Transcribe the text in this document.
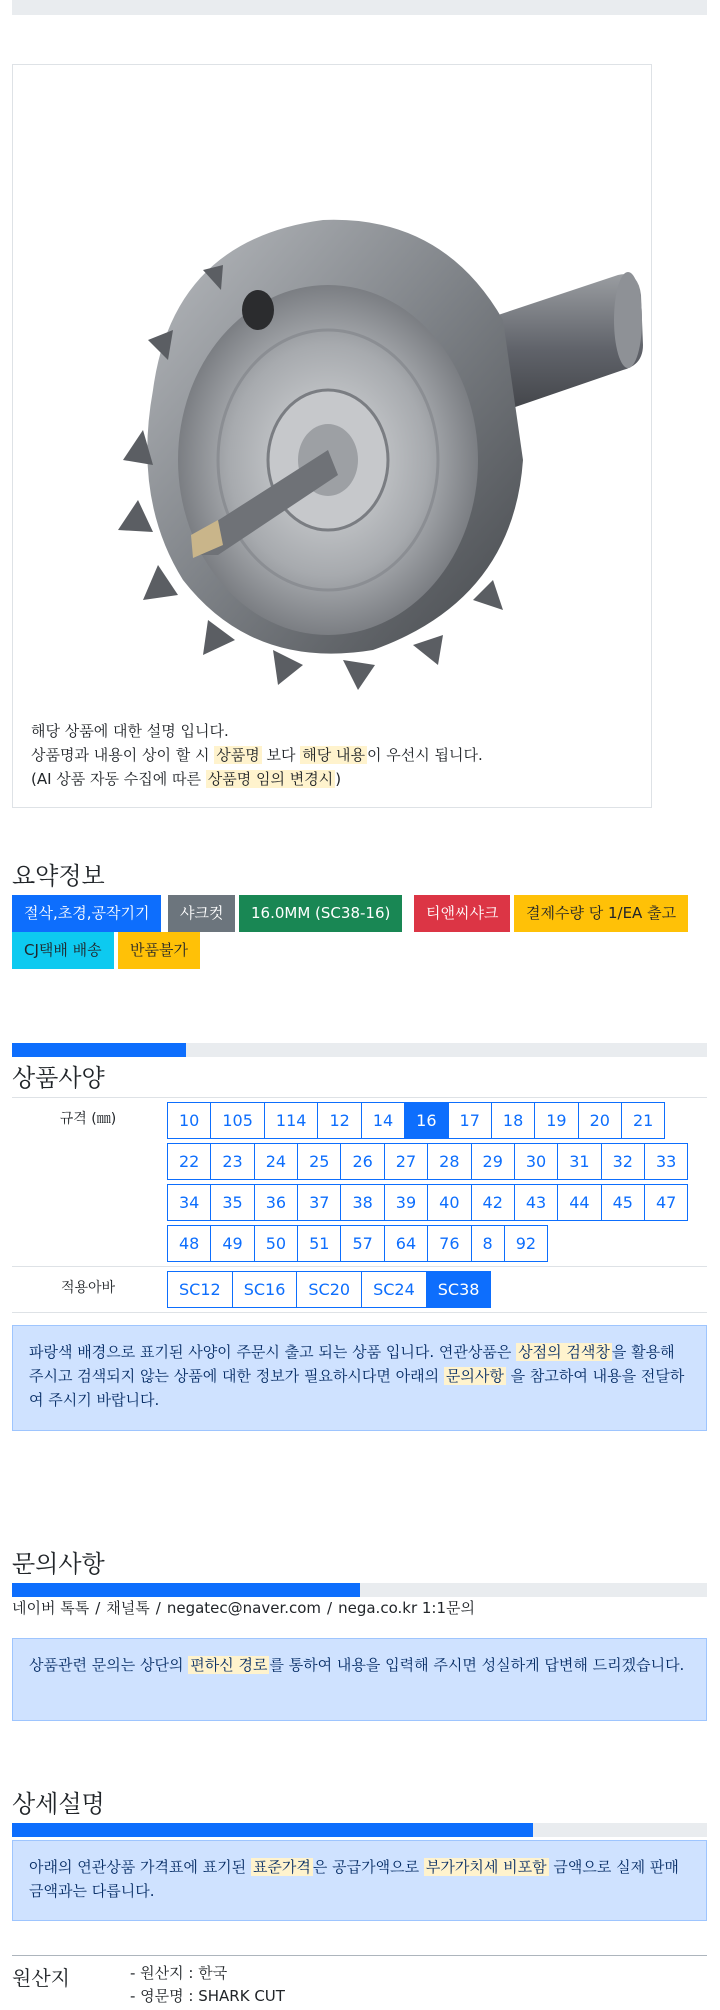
해당 상품에 대한 설명 입니다.
상품명과 내용이 상이 할 시 상품명 보다 해당 내용 이 우선시 됩니다.
(AI 상품 자동 수집에 따른 상품명 임의 변경시 )
요약정보
절삭,초경,공작기기	샤크컷	16.0MM (SC38-16)	티앤씨샤크	결제수량 당 1/EA 출고
CJ택배 배송	반품불가
상품사양
규격 (㎜)	10	105	114	12	14	16	17	18	19	20	21
22	23	24	25	26	27	28	29	30	31	32	33
34	35	36	37	38	39	40	42	43	44	45	47
48	49	50	51	57	64	76	8	92
적용아바	SC12	SC16	SC20	SC24	SC38
파랑색 배경으로 표기된 사양이 주문시 출고 되는 상품 입니다. 연관상품은 상점의 검색창 을 활용해 주시고 검색되지 않는 상품에 대한 정보가 필요하시다면 아래의 문의사항 을 참고하여 내용을 전달하여 주시기 바랍니다.
문의사항
네이버 톡톡 / 채널톡 / negatec@naver.com / nega.co.kr 1:1문의
상품관련 문의는 상단의 편하신 경로 를 통하여 내용을 입력해 주시면 성실하게 답변해 드리겠습니다.
상세설명
아래의 연관상품 가격표에 표기된 표준가격 은 공급가액으로 부가가치세 비포함 금액으로 실제 판매금액과는 다릅니다.
원산지	- 원산지 : 한국
- 영문명 : SHARK CUT
